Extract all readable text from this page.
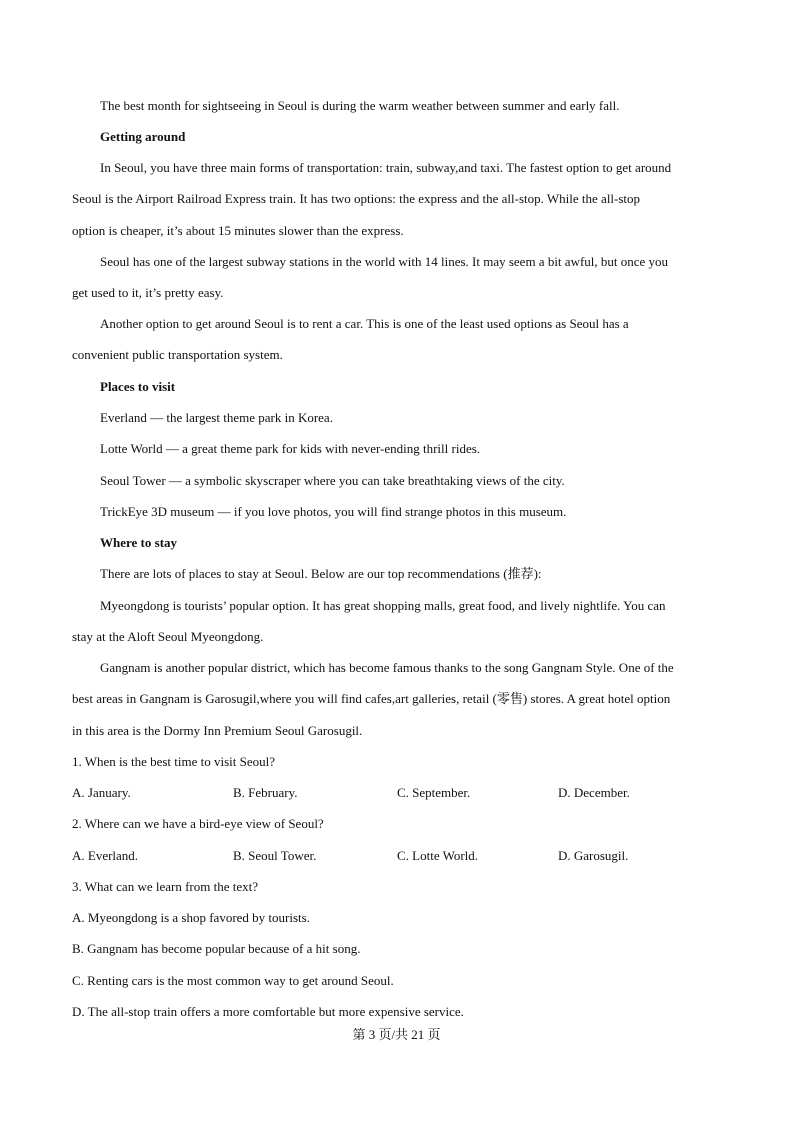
The best month for sightseeing in Seoul is during the warm weather between summer and early fall.
Getting around
In Seoul, you have three main forms of transportation: train, subway,and taxi. The fastest option to get around
Seoul is the Airport Railroad Express train. It has two options: the express and the all-stop. While the all-stop
option is cheaper, it’s about 15 minutes slower than the express.
Seoul has one of the largest subway stations in the world with 14 lines. It may seem a bit awful, but once you
get used to it, it’s pretty easy.
Another option to get around Seoul is to rent a car. This is one of the least used options as Seoul has a
convenient public transportation system.
Places to visit
Everland — the largest theme park in Korea.
Lotte World — a great theme park for kids with never-ending thrill rides.
Seoul Tower — a symbolic skyscraper where you can take breathtaking views of the city.
TrickEye 3D museum — if you love photos, you will find strange photos in this museum.
Where to stay
There are lots of places to stay at Seoul. Below are our top recommendations (推荐):
Myeongdong is tourists’ popular option. It has great shopping malls, great food, and lively nightlife. You can
stay at the Aloft Seoul Myeongdong.
Gangnam is another popular district, which has become famous thanks to the song Gangnam Style. One of the
best areas in Gangnam is Garosugil,where you will find cafes,art galleries, retail (零售) stores. A great hotel option
in this area is the Dormy Inn Premium Seoul Garosugil.
1. When is the best time to visit Seoul?
A. January.	B. February.	C. September.	D. December.
2. Where can we have a bird-eye view of Seoul?
A. Everland.	B. Seoul Tower.	C. Lotte World.	D. Garosugil.
3. What can we learn from the text?
A. Myeongdong is a shop favored by tourists.
B. Gangnam has become popular because of a hit song.
C. Renting cars is the most common way to get around Seoul.
D. The all-stop train offers a more comfortable but more expensive service.
第 3 页/共 21 页
